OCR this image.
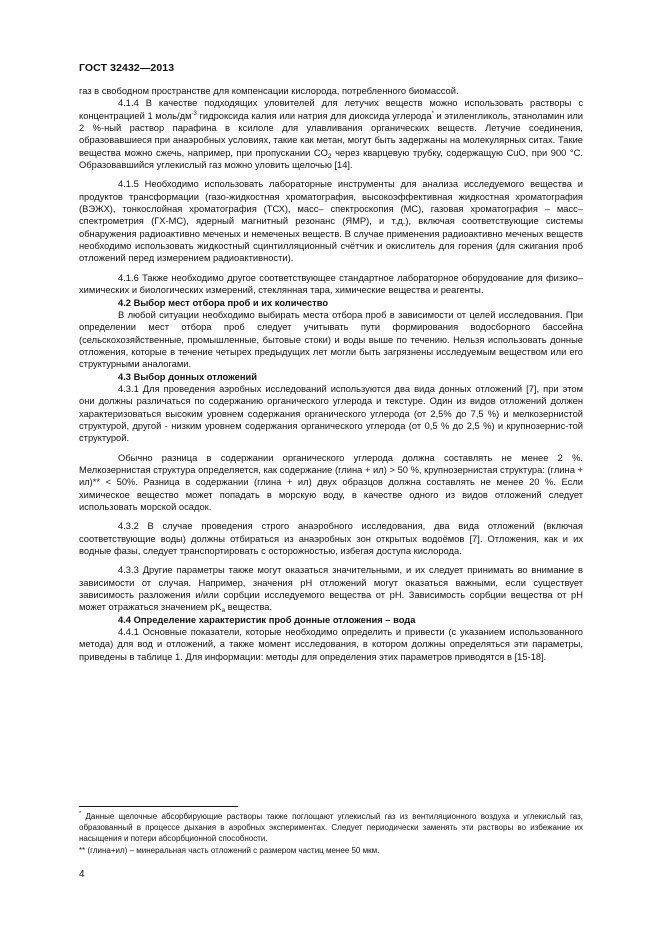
ГОСТ 32432—2013

газ в свободном пространстве для компенсации кислорода, потребленного биомассой.

4.1.4 В качестве подходящих уловителей для летучих веществ можно использовать растворы с концентрацией 1 моль/$дм^{-3}$ гидроксида калия или натрия для диоксида углерода* и этиленгликоль, этаноламин или 2 %-ный раствор парафина в ксилоле для улавливания органических веществ. Летучие соединения, образовавшиеся при анаэробных условиях, такие как метан, могут быть задержаны на молекулярных ситах. Такие вещества можно сжечь, например, при пропускании $CO_2$ через кварцевую трубку, содержащую CuO, при 900 °C. Образовавшийся углекислый газ можно уловить щелочью [14].

4.1.5 Необходимо использовать лабораторные инструменты для анализа исследуемого вещества и продуктов трансформации (газо-жидкостная хроматография, высокоэффективная жидкостная хроматография (ВЭЖХ), тонкослойная хроматография (ТСХ), масс– спектроскопия (МС), газовая хроматография – масс–спектрометрия (ГХ-МС), ядерный магнитный резонанс (ЯМР), и т.д.), включая соответствующие системы обнаружения радиоактивно меченых и немеченых веществ. В случае применения радиоактивно меченых веществ необходимо использовать жидкостный сцинтилляционный счётчик и окислитель для горения (для сжигания проб отложений перед измерением радиоактивности).

4.1.6 Также необходимо другое соответствующее стандартное лабораторное оборудование для физико–химических и биологических измерений, стеклянная тара, химические вещества и реагенты.

4.2 Выбор мест отбора проб и их количество

В любой ситуации необходимо выбирать места отбора проб в зависимости от целей исследования. При определении мест отбора проб следует учитывать пути формирования водосборного бассейна (сельскохозяйственные, промышленные, бытовые стоки) и воды выше по течению. Нельзя использовать донные отложения, которые в течение четырех предыдущих лет могли быть загрязнены исследуемым веществом или его структурными аналогами.

4.3 Выбор донных отложений

4.3.1 Для проведения аэробных исследований используются два вида донных отложений [7], при этом они должны различаться по содержанию органического углерода и текстуре. Один из видов отложений должен характеризоваться высоким уровнем содержания органического углерода (от 2,5% до 7,5 %) и мелкозернистой структурой, другой - низким уровнем содержания органического углерода (от 0,5 % до 2,5 %) и крупнозернис-той структурой.

Обычно разница в содержании органического углерода должна составлять не менее 2 %. Мелкозернистая структура определяется, как содержание (глина + ил) > 50 %, крупнозернистая структура: (глина + ил)** < 50%. Разница в содержании (глина + ил) двух образцов должна составлять не менее 20 %. Если химическое вещество может попадать в морскую воду, в качестве одного из видов отложений следует использовать морской осадок.

4.3.2 В случае проведения строго анаэробного исследования, два вида отложений (включая соответствующие воды) должны отбираться из анаэробных зон открытых водоёмов [7]. Отложения, как и их водные фазы, следует транспортировать с осторожностью, избегая доступа кислорода.

4.3.3 Другие параметры также могут оказаться значительными, и их следует принимать во внимание в зависимости от случая. Например, значения pH отложений могут оказаться важными, если существует зависимость разложения и/или сорбции исследуемого вещества от pH. Зависимость сорбции вещества от pH может отражаться значением $pK_a$ вещества.

4.4 Определение характеристик проб донные отложения – вода

4.4.1 Основные показатели, которые необходимо определить и привести (с указанием использованного метода) для вод и отложений, а также момент исследования, в котором должны определяться эти параметры, приведены в таблице 1. Для информации: методы для определения этих параметров приводятся в [15-18].

* Данные щелочные абсорбирующие растворы также поглощают углекислый газ из вентиляционного воздуха и углекислый газ, образованный в процессе дыхания в аэробных экспериментах. Следует периодически заменять эти растворы во избежание их насыщения и потери абсорбционной способности.

** (глина+ил) – минеральная часть отложений с размером частиц менее 50 мкм.

4
